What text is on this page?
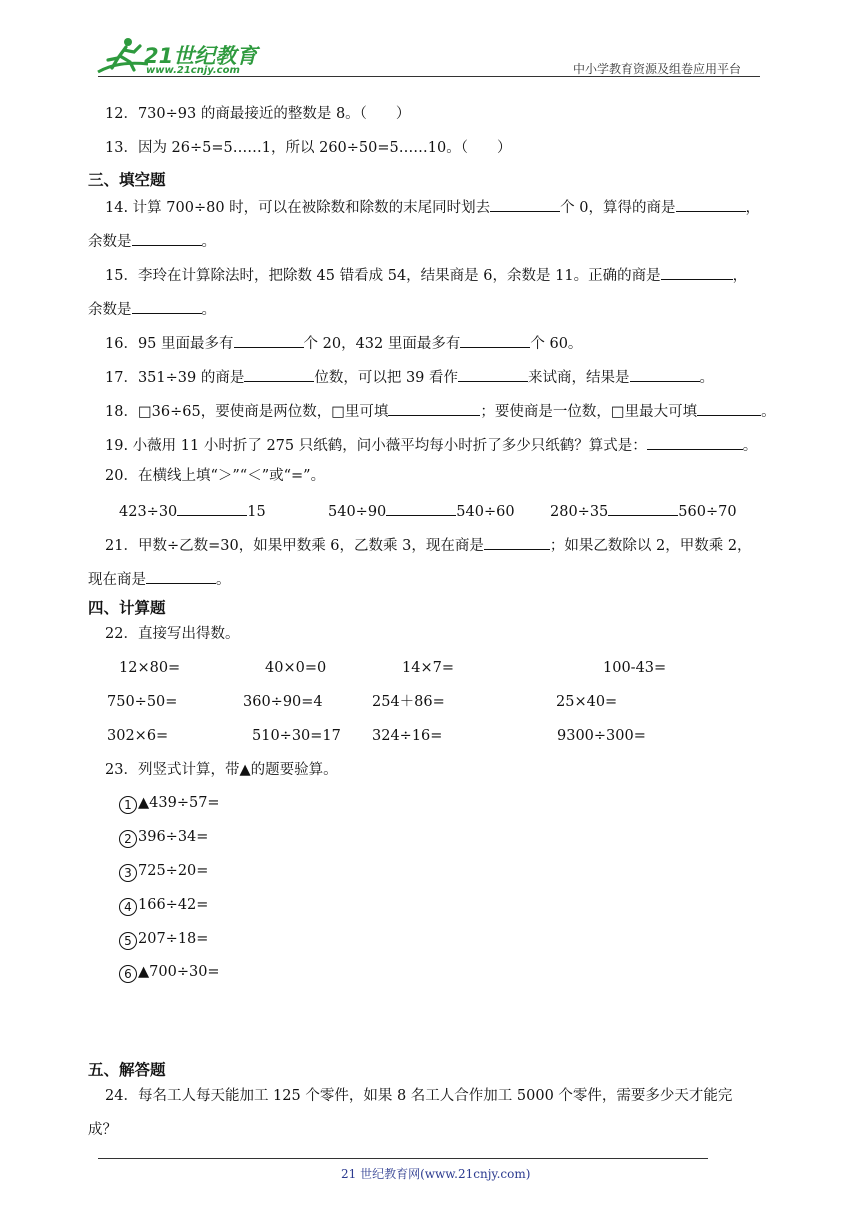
21世纪教育
www.21cnjy.com	中小学教育资源及组卷应用平台
12．730÷93 的商最接近的整数是 8。（　　）
13．因为 26÷5=5……1，所以 260÷50=5……10。（　　）
三、填空题
14. 计算 700÷80 时，可以在被除数和除数的末尾同时划去	个 0，算得的商是	，
余数是	。
15．李玲在计算除法时，把除数 45 错看成 54，结果商是 6，余数是 11。正确的商是	，
余数是	。
16．95 里面最多有	个 20，432 里面最多有	个 60。
17．351÷39 的商是	位数，可以把 39 看作	来试商，结果是	。
18．□36÷65，要使商是两位数，□里可填	；要使商是一位数，□里最大可填	。
19. 小薇用 11 小时折了 275 只纸鹤，问小薇平均每小时折了多少只纸鹤？算式是：	。
20．在横线上填“＞”“＜”或“=”。
423÷30	15	540÷90	540÷60 280÷35	560÷70
21．甲数÷乙数=30，如果甲数乘 6，乙数乘 3，现在商是	；如果乙数除以 2，甲数乘 2，
现在商是	。
四、计算题
22．直接写出得数。
12×80=	40×0=0	14×7=	100-43=
750÷50=	360÷90=4	254＋86=	25×40=
302×6=	510÷30=17 324÷16=	9300÷300=
23．列竖式计算，带▲的题要验算。
1 ▲439÷57=
2 396÷34=
3 725÷20=
4 166÷42=
5 207÷18=
6 ▲700÷30=
五、解答题
24．每名工人每天能加工 125 个零件，如果 8 名工人合作加工 5000 个零件，需要多少天才能完
成？
21 世纪教育网(www.21cnjy.com)
